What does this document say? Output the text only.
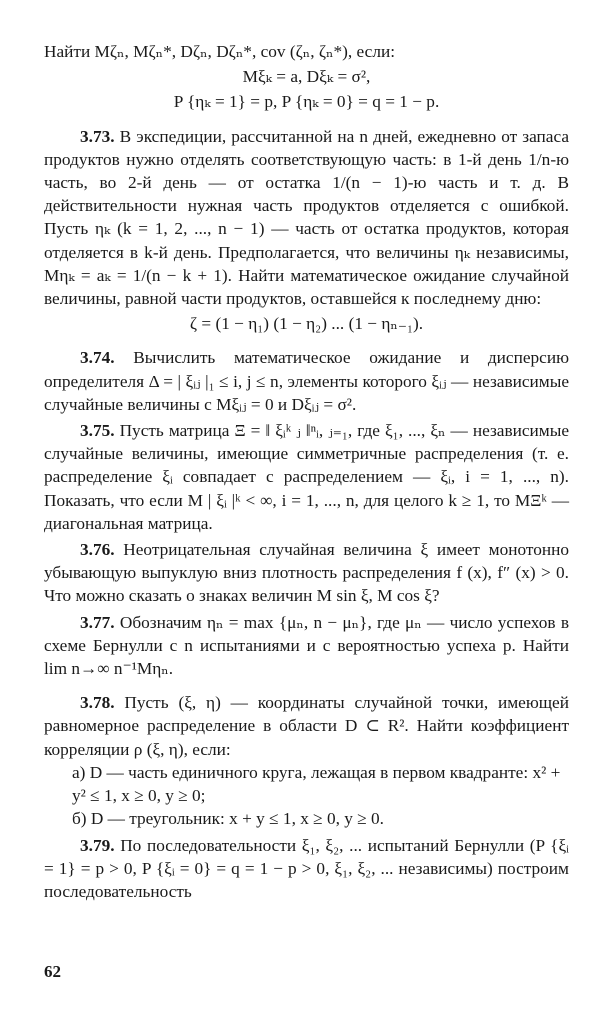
Найти Mζₙ, Mζₙ*, Dζₙ, Dζₙ*, cov (ζₙ, ζₙ*), если:

Mξₖ = a, Dξₖ = σ²,

P {ηₖ = 1} = p, P {ηₖ = 0} = q = 1 − p.

3.73. В экспедиции, рассчитанной на n дней, ежедневно от запаса продуктов нужно отделять соответствующую часть: в 1-й день 1/n-ю часть, во 2-й день — от остатка 1/(n − 1)-ю часть и т. д. В действительности нужная часть продуктов отделяется с ошибкой. Пусть ηₖ (k = 1, 2, ..., n − 1) — часть от остатка продуктов, которая отделяется в k-й день. Предполагается, что величины ηₖ независимы, Mηₖ = aₖ = 1/(n − k + 1). Найти математическое ожидание случайной величины, равной части продуктов, оставшейся к последнему дню:

ζ = (1 − η₁) (1 − η₂) ... (1 − ηₙ₋₁).

3.74. Вычислить математическое ожидание и дисперсию определителя Δ = | ξᵢⱼ |₁ ≤ i, j ≤ n, элементы которого ξᵢⱼ — независимые случайные величины с Mξᵢⱼ = 0 и Dξᵢⱼ = σ².

3.75. Пусть матрица Ξ = ‖ ξᵢᵏ ⱼ ‖ⁿᵢ, ⱼ₌₁, где ξ₁, ..., ξₙ — независимые случайные величины, имеющие симметричные распределения (т. е. распределение ξᵢ совпадает с распределением — ξᵢ, i = 1, ..., n). Показать, что если M | ξᵢ |ᵏ < ∞, i = 1, ..., n, для целого k ≥ 1, то MΞᵏ — диагональная матрица.

3.76. Неотрицательная случайная величина ξ имеет монотонно убывающую выпуклую вниз плотность распределения f (x), f″ (x) > 0. Что можно сказать о знаках величин M sin ξ, M cos ξ?

3.77. Обозначим ηₙ = max {μₙ, n − μₙ}, где μₙ — число успехов в схеме Бернулли с n испытаниями и с вероятностью успеха p. Найти lim n→∞ n⁻¹Mηₙ.

3.78. Пусть (ξ, η) — координаты случайной точки, имеющей равномерное распределение в области D ⊂ R². Найти коэффициент корреляции ρ (ξ, η), если:

а) D — часть единичного круга, лежащая в первом квадранте: x² + y² ≤ 1, x ≥ 0, y ≥ 0;

б) D — треугольник: x + y ≤ 1, x ≥ 0, y ≥ 0.

3.79. По последовательности ξ₁, ξ₂, ... испытаний Бернулли (P {ξᵢ = 1} = p > 0, P {ξᵢ = 0} = q = 1 − p > 0, ξ₁, ξ₂, ... независимы) построим последовательность

62
